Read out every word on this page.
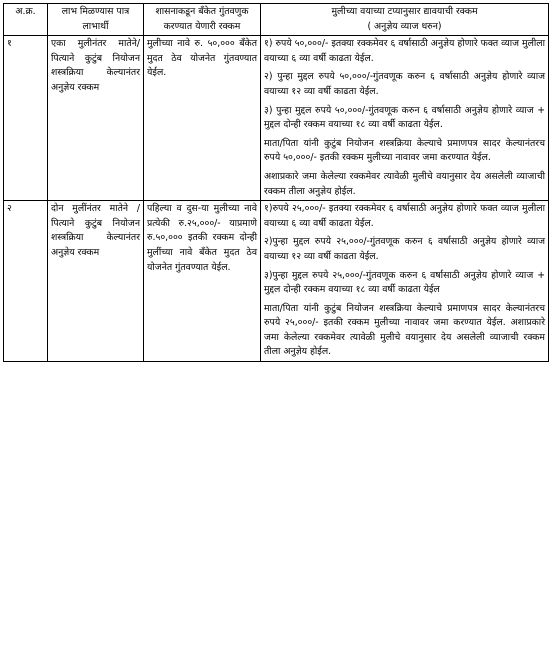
अ.क्र.	लाभ मिळण्यास पात्र लाभार्थी	शासनाकडून बँकेत गुंतवणुक करण्यात येणारी रक्कम	मुलीच्या वयाच्या टप्यानुसार द्यावयाची रक्कम
( अनुज्ञेय व्याज धरुन)

१	एका मुलीनंतर मातेने/पित्याने कुटुंब नियोजन शस्त्रक्रिया केल्यानंतर अनुज्ञेय रक्कम	मुलीच्या नावे रु. ५०,००० बँकेत मुदत ठेव योजनेत गुंतवण्यात येईल.	१) रुपये ५०,०००/- इतक्या रक्कमेवर ६ वर्षासाठी अनुज्ञेय होणारे फक्त व्याज मुलीला वयाच्या ६ व्या वर्षी काढता येईल.
२) पुन्हा मुद्दल रुपये ५०,०००/-गुंतवणूक करुन ६ वर्षासाठी अनुज्ञेय होणारे व्याज वयाच्या १२ व्या वर्षी काढता येईल.
३) पुन्हा मुद्दल रुपये ५०,०००/-गुंतवणूक करुन ६ वर्षासाठी अनुज्ञेय होणारे व्याज + मुद्दल दोन्ही रक्कम वयाच्या १८ व्या वर्षी काढता येईल.
माता/पिता यांनी कुटुंब नियोजन शस्त्रक्रिया केल्याचे प्रमाणपत्र सादर केल्यानंतरच रुपये ५०,०००/- इतकी रक्कम मुलीच्या नावावर जमा करण्यात येईल.
अशाप्रकारे जमा केलेल्या रक्कमेवर त्यावेळी मुलीचे वयानुसार देय असलेली व्याजाची रक्कम तीला अनुज्ञेय होईल.

२	दोन मुलींनंतर मातेने /पित्याने कुटुंब नियोजन शस्त्रक्रिया केल्यानंतर अनुज्ञेय रक्कम	पहिल्या व दुस-या मुलीच्या नावे प्रत्येकी रु.२५,०००/- याप्रमाणे रु.५०,००० इतकी रक्कम दोन्ही मुलींच्या नावे बँकेत मुदत ठेव योजनेत गुंतवण्यात येईल.	१)रुपये २५,०००/- इतक्या रक्कमेवर ६ वर्षासाठी अनुज्ञेय होणारे फक्त व्याज मुलीला वयाच्या ६ व्या वर्षी काढता येईल.
२)पुन्हा मुद्दल रुपये २५,०००/-गुंतवणूक करुन ६ वर्षासाठी अनुज्ञेय होणारे व्याज वयाच्या १२ व्या वर्षी काढता येईल.
३)पुन्हा मुद्दल रुपये २५,०००/-गुंतवणूक करुन ६ वर्षासाठी अनुज्ञेय होणारे व्याज + मुद्दल दोन्ही रक्कम वयाच्या १८ व्या वर्षी काढता येईल
माता/पिता यांनी कुटुंब नियोजन शस्त्रक्रिया केल्याचे प्रमाणपत्र सादर केल्यानंतरच रुपये २५,०००/- इतकी रक्कम मुलीच्या नावावर जमा करण्यात येईल. अशाप्रकारे जमा केलेल्या रक्कमेवर त्यावेळी मुलीचे वयानुसार देय असलेली व्याजाची रक्कम तीला अनुज्ञेय होईल.
